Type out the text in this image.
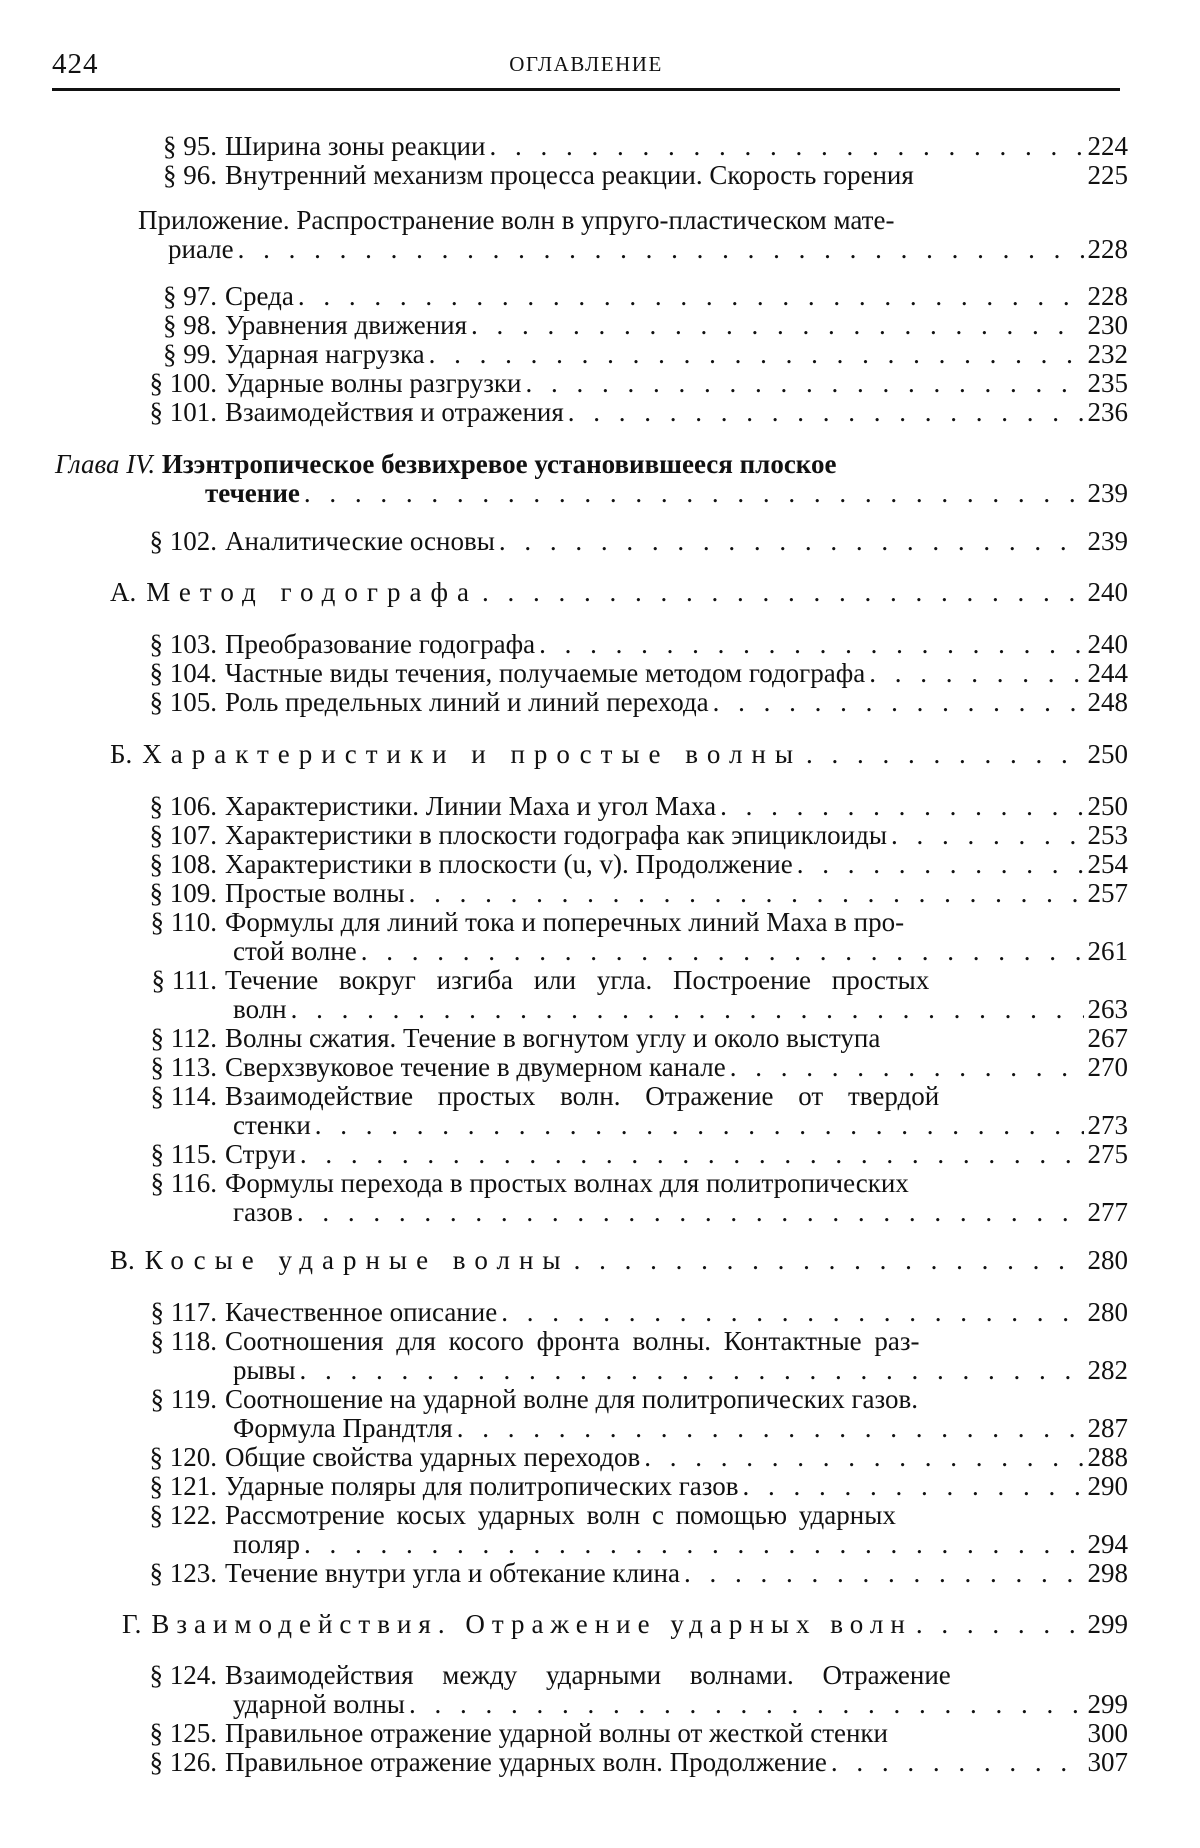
424	ОГЛАВЛЕНИЕ
§ 95. Ширина зоны реакции . . .	224
§ 96. Внутренний механизм процесса реакции. Скорость горения	225
Приложение. Распространение волн в упруго-пластическом мате-
риале . . .	228
§ 97. Среда . . .	228
§ 98. Уравнения движения . . .	230
§ 99. Ударная нагрузка . . .	232
§ 100. Ударные волны разгрузки . . .	235
§ 101. Взаимодействия и отражения . . .	236
Глава IV.
Изэнтропическое безвихревое установившееся плоское
течение . . .	239
§ 102. Аналитические основы . . .	239
А. Метод годографа . . .	240
§ 103. Преобразование годографа . . .	240
§ 104. Частные виды течения, получаемые методом годографа . . .	244
§ 105. Роль предельных линий и линий перехода . . .	248
Б. Характеристики и простые волны . . .	250
§ 106. Характеристики. Линии Маха и угол Маха . . .	250
§ 107. Характеристики в плоскости годографа как эпициклоиды . . .	253
§ 108. Характеристики в плоскости (u, v). Продолжение . . .	254
§ 109. Простые волны . . .	257
§ 110. Формулы для линий тока и поперечных линий Маха в про-
стой волне . . .	261
§ 111. Течение вокруг изгиба или угла. Построение простых
волн . . .	263
§ 112. Волны сжатия. Течение в вогнутом углу и около выступа	267
§ 113. Сверхзвуковое течение в двумерном канале . . .	270
§ 114. Взаимодействие простых волн. Отражение от твердой
стенки . . .	273
§ 115. Струи . . .	275
§ 116. Формулы перехода в простых волнах для политропических
газов . . .	277
В. Косые ударные волны . . .	280
§ 117. Качественное описание . . .	280
§ 118. Соотношения для косого фронта волны. Контактные раз-
рывы . . .	282
§ 119. Соотношение на ударной волне для политропических газов.
Формула Прандтля . . .	287
§ 120. Общие свойства ударных переходов . . .	288
§ 121. Ударные поляры для политропических газов . . .	290
§ 122. Рассмотрение косых ударных волн с помощью ударных
поляр . . .	294
§ 123. Течение внутри угла и обтекание клина . . .	298
Г. Взаимодействия. Отражение ударных волн . . .	299
§ 124. Взаимодействия между ударными волнами. Отражение
ударной волны . . .	299
§ 125. Правильное отражение ударной волны от жесткой стенки	300
§ 126. Правильное отражение ударных волн. Продолжение . . .	307
